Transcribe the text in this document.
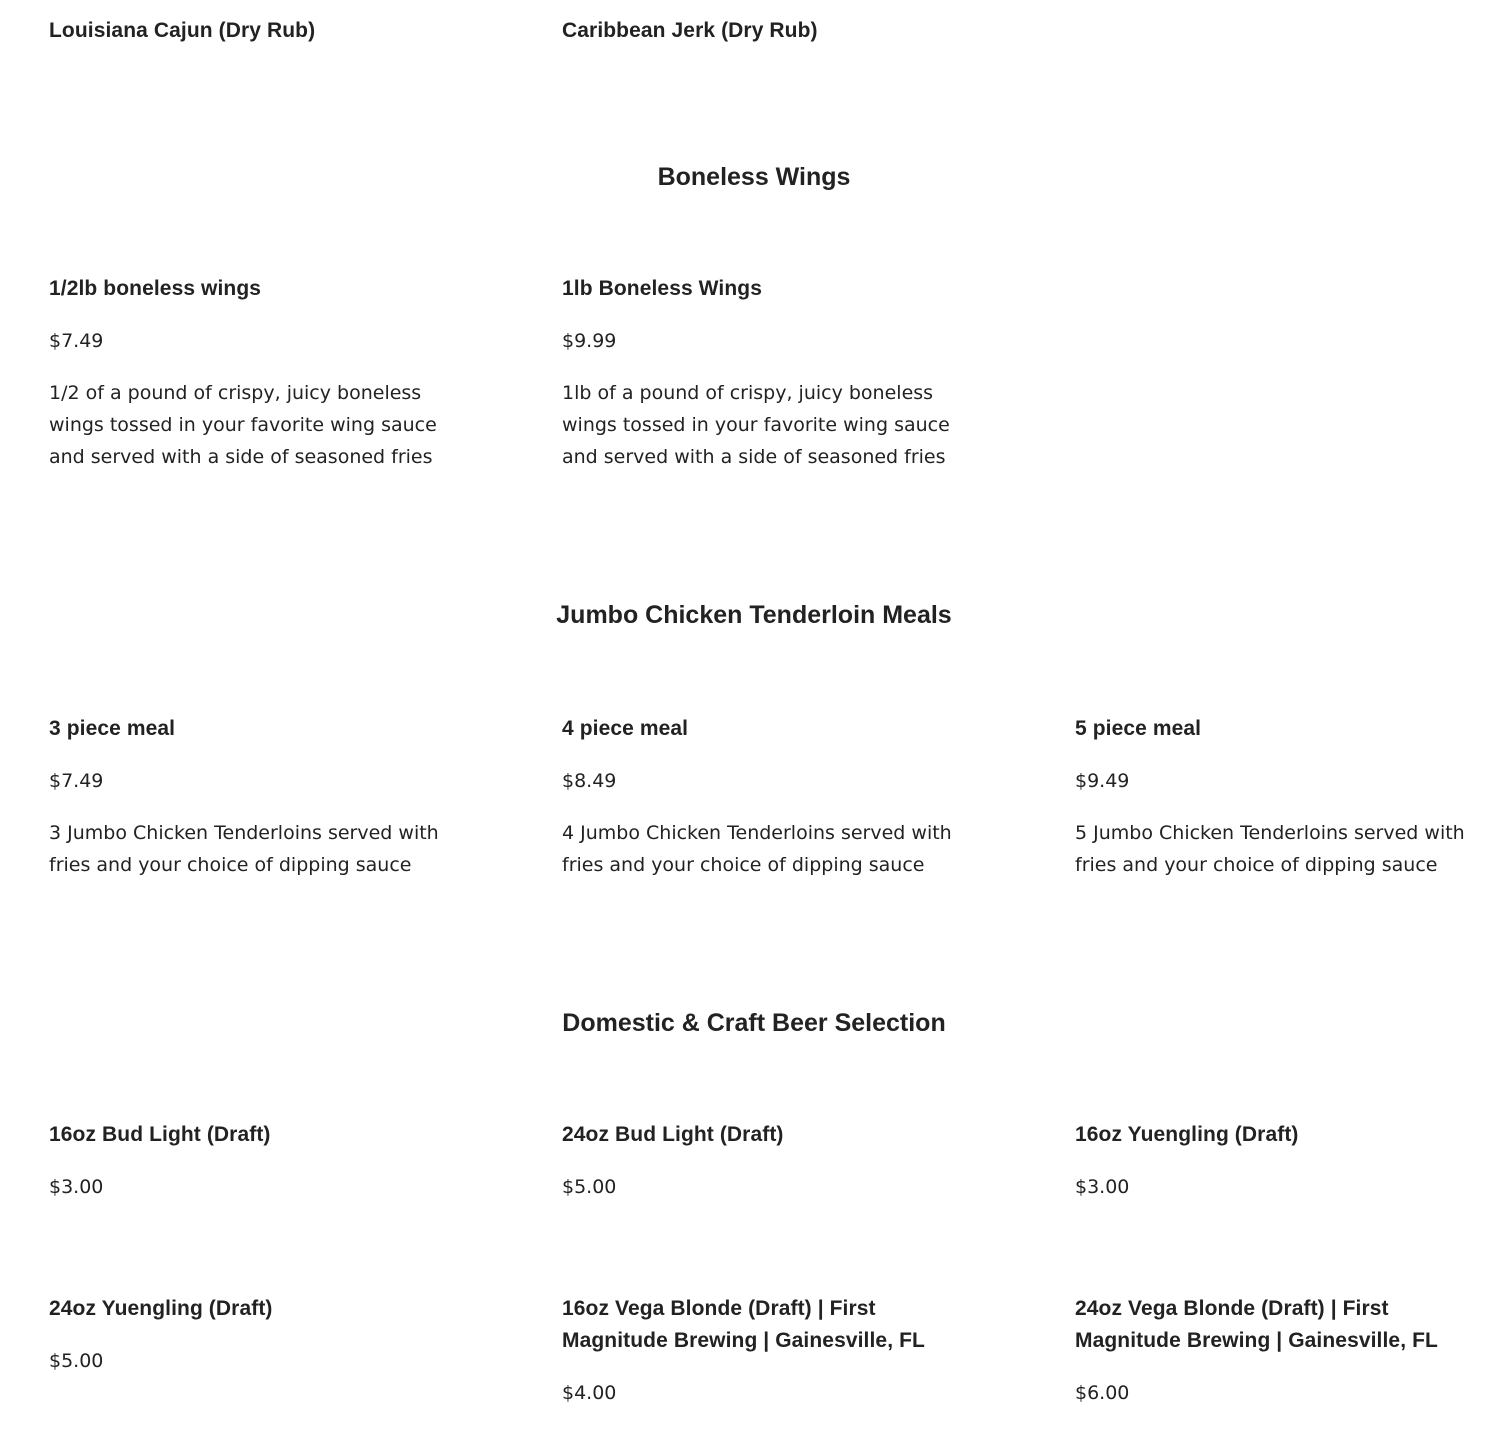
Louisiana Cajun (Dry Rub)	Caribbean Jerk (Dry Rub)
Boneless Wings
1/2lb boneless wings
$7.49
1/2 of a pound of crispy, juicy boneless wings tossed in your favorite wing sauce and served with a side of seasoned fries
1lb Boneless Wings
$9.99
1lb of a pound of crispy, juicy boneless wings tossed in your favorite wing sauce and served with a side of seasoned fries
Jumbo Chicken Tenderloin Meals
3 piece meal
$7.49
3 Jumbo Chicken Tenderloins served with fries and your choice of dipping sauce
4 piece meal
$8.49
4 Jumbo Chicken Tenderloins served with fries and your choice of dipping sauce
5 piece meal
$9.49
5 Jumbo Chicken Tenderloins served with fries and your choice of dipping sauce
Domestic & Craft Beer Selection
16oz Bud Light (Draft)
$3.00
24oz Bud Light (Draft)
$5.00
16oz Yuengling (Draft)
$3.00
24oz Yuengling (Draft)
$5.00
16oz Vega Blonde (Draft) | First Magnitude Brewing | Gainesville, FL
$4.00
24oz Vega Blonde (Draft) | First Magnitude Brewing | Gainesville, FL
$6.00
